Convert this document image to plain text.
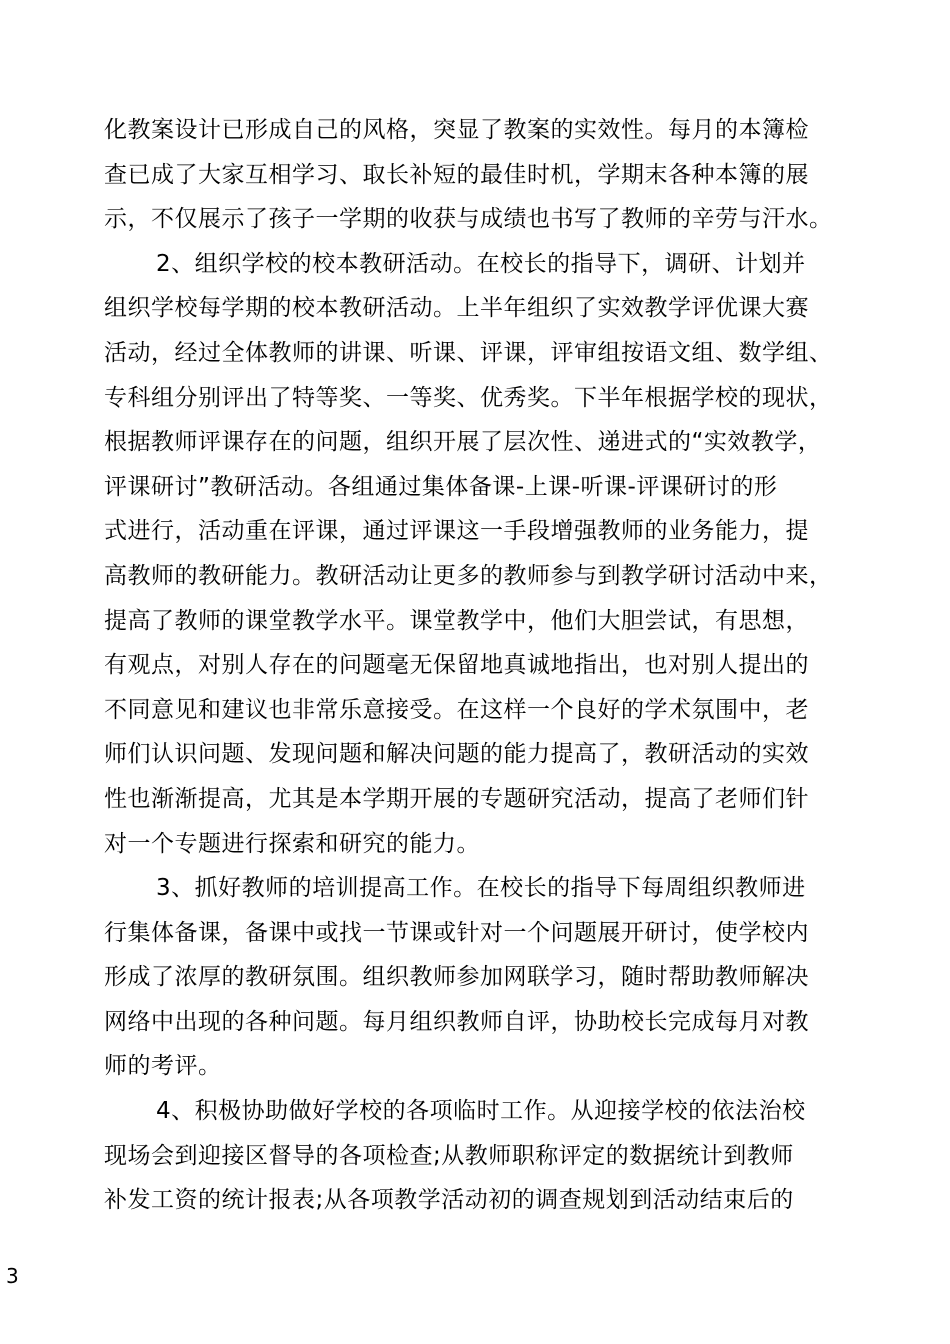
化教案设计已形成自己的风格，突显了教案的实效性。每月的本簿检
查已成了大家互相学习、取长补短的最佳时机，学期末各种本簿的展
示，不仅展示了孩子一学期的收获与成绩也书写了教师的辛劳与汗水。
2、组织学校的校本教研活动。在校长的指导下，调研、计划并
组织学校每学期的校本教研活动。上半年组织了实效教学评优课大赛
活动，经过全体教师的讲课、听课、评课，评审组按语文组、数学组、
专科组分别评出了特等奖、一等奖、优秀奖。下半年根据学校的现状，
根据教师评课存在的问题，组织开展了层次性、递进式的“实效教学，
评课研讨”教研活动。各组通过集体备课-上课-听课-评课研讨的形
式进行，活动重在评课，通过评课这一手段增强教师的业务能力，提
高教师的教研能力。教研活动让更多的教师参与到教学研讨活动中来，
提高了教师的课堂教学水平。课堂教学中，他们大胆尝试，有思想，
有观点，对别人存在的问题毫无保留地真诚地指出，也对别人提出的
不同意见和建议也非常乐意接受。在这样一个良好的学术氛围中，老
师们认识问题、发现问题和解决问题的能力提高了，教研活动的实效
性也渐渐提高，尤其是本学期开展的专题研究活动，提高了老师们针
对一个专题进行探索和研究的能力。
3、抓好教师的培训提高工作。在校长的指导下每周组织教师进
行集体备课，备课中或找一节课或针对一个问题展开研讨，使学校内
形成了浓厚的教研氛围。组织教师参加网联学习，随时帮助教师解决
网络中出现的各种问题。每月组织教师自评，协助校长完成每月对教
师的考评。
4、积极协助做好学校的各项临时工作。从迎接学校的依法治校
现场会到迎接区督导的各项检查;从教师职称评定的数据统计到教师
补发工资的统计报表;从各项教学活动初的调查规划到活动结束后的
3
